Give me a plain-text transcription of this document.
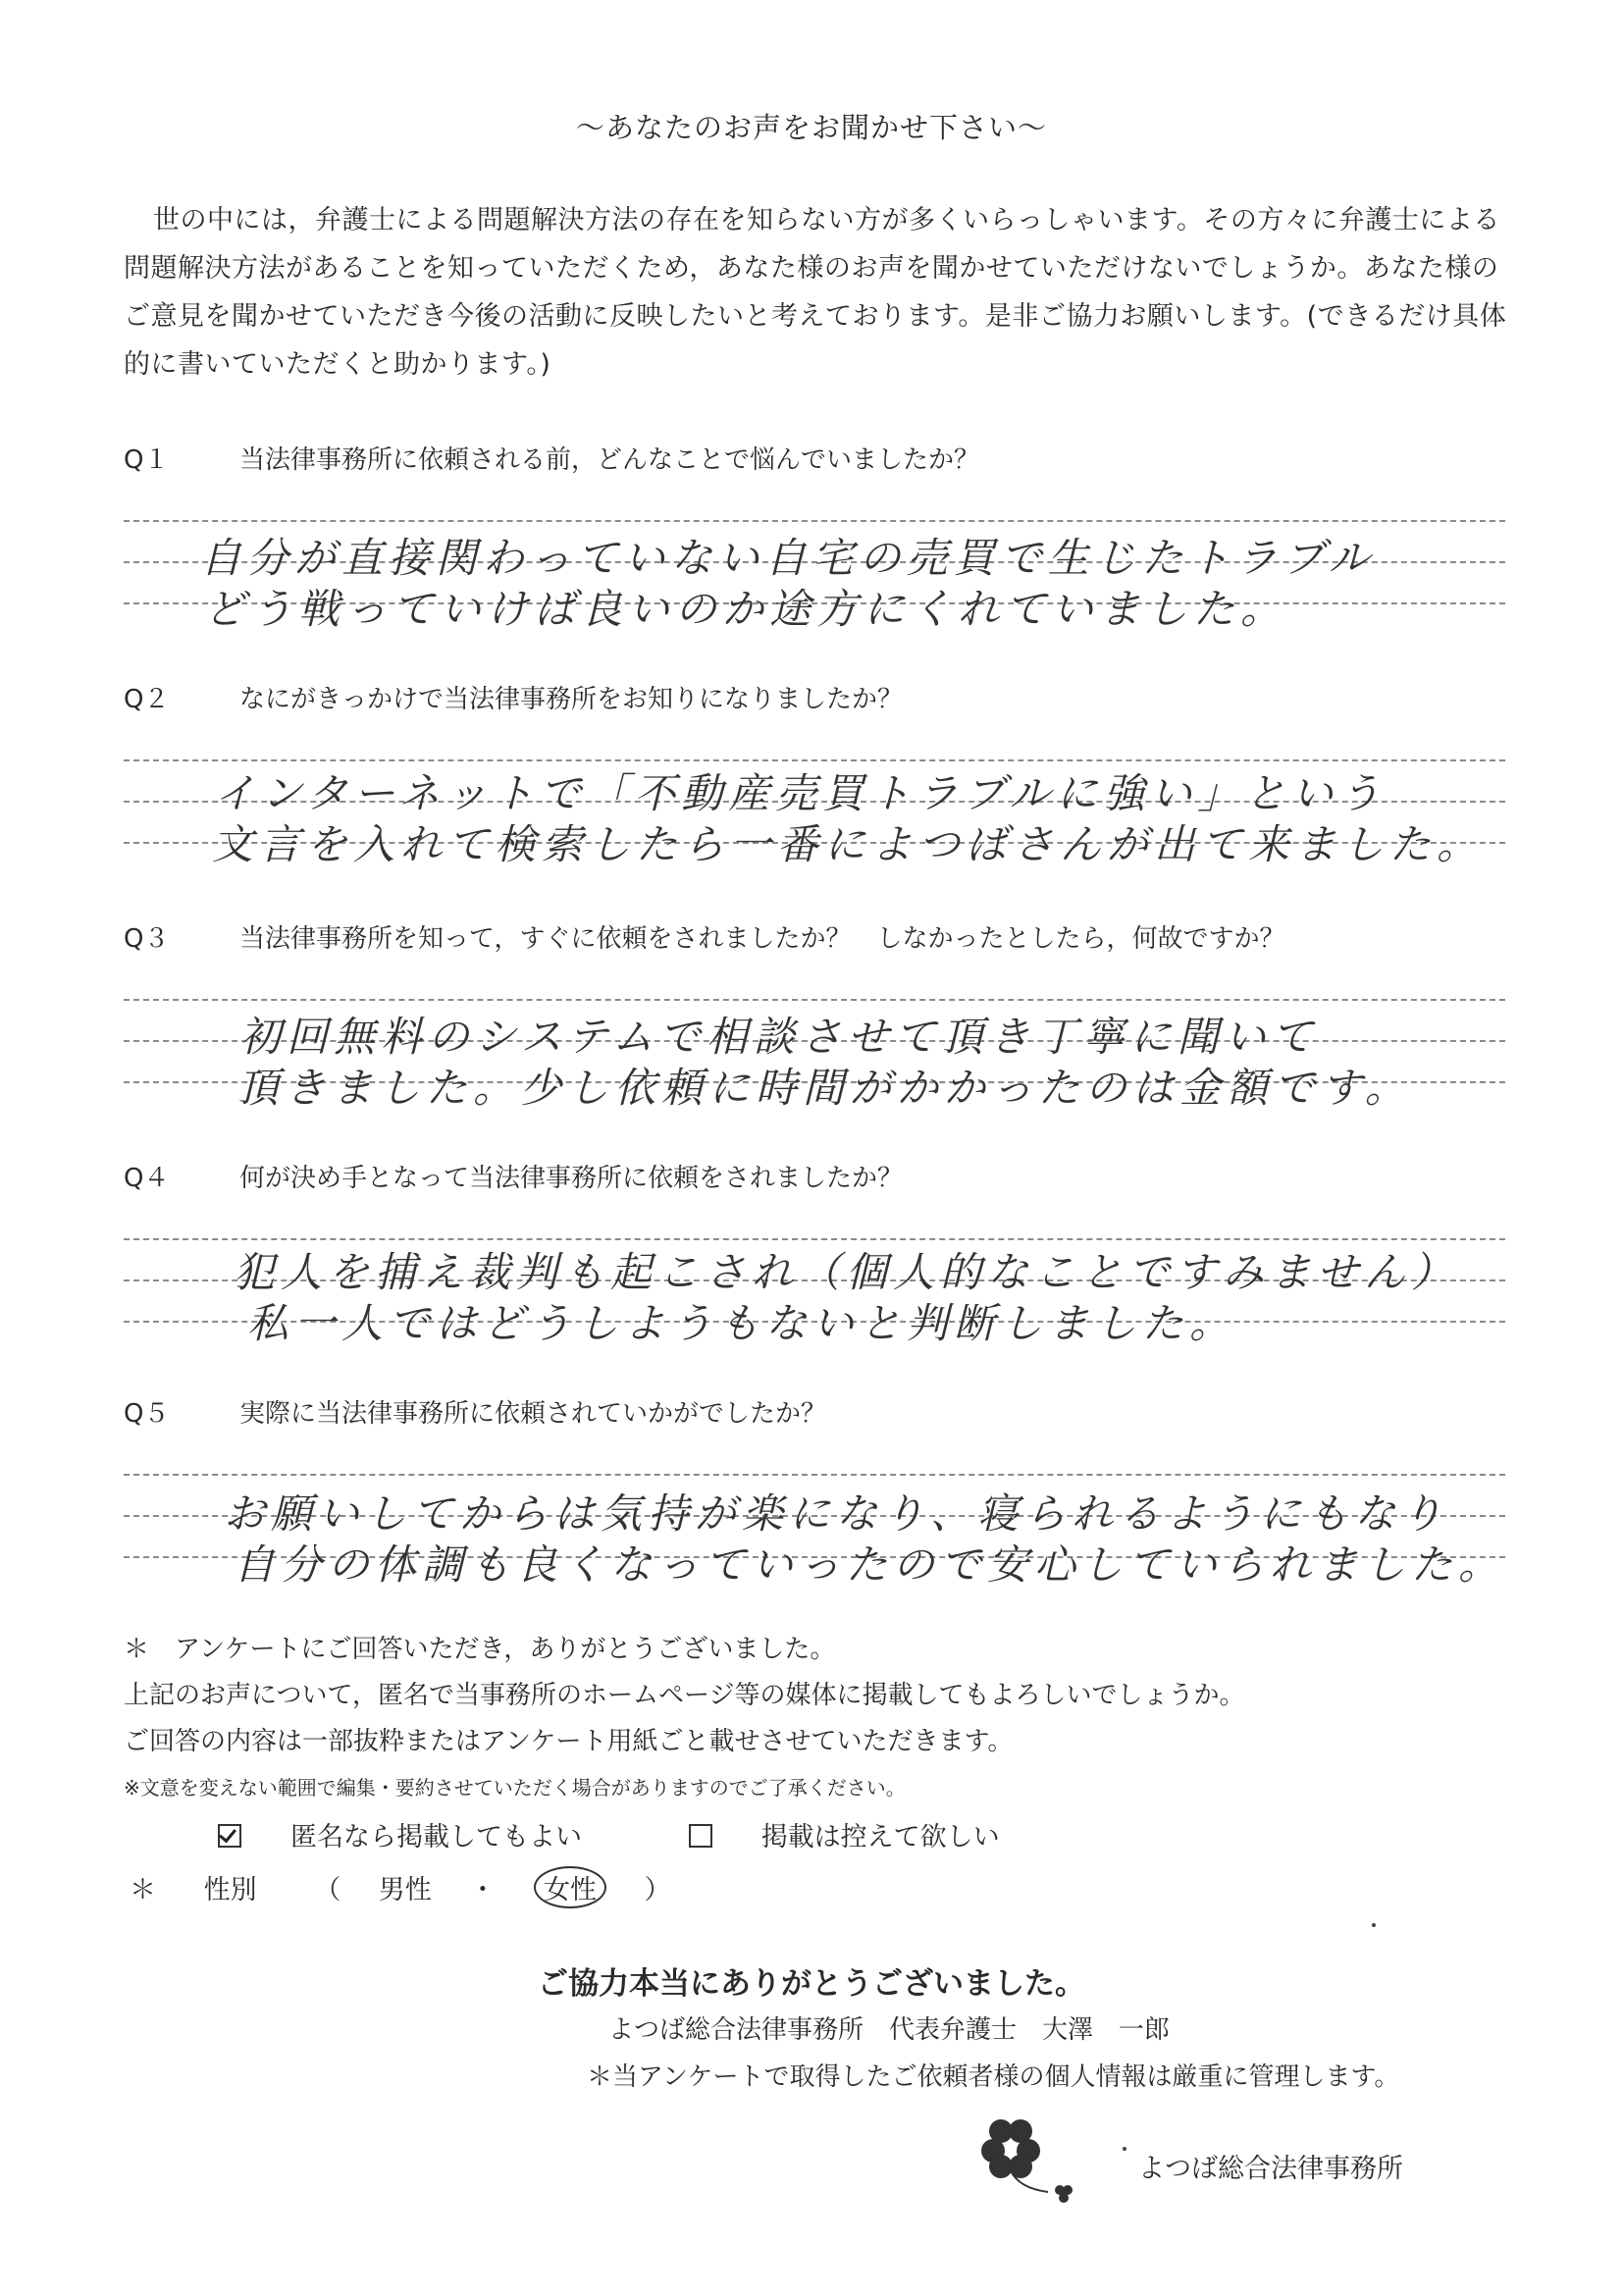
～あなたのお声をお聞かせ下さい～
世の中には，弁護士による問題解決方法の存在を知らない方が多くいらっしゃいます。その方々に弁護士による問題解決方法があることを知っていただくため，あなた様のお声を聞かせていただけないでしょうか。あなた様のご意見を聞かせていただき今後の活動に反映したいと考えております。是非ご協力お願いします。(できるだけ具体的に書いていただくと助かります。)
Q１	当法律事務所に依頼される前，どんなことで悩んでいましたか？
自分が直接関わっていない自宅の売買で生じたトラブル
どう戦っていけば良いのか途方にくれていました。
Q２	なにがきっかけで当法律事務所をお知りになりましたか？
インターネットで「不動産売買トラブルに強い」という
文言を入れて検索したら一番によつばさんが出て来ました。
Q３	当法律事務所を知って，すぐに依頼をされましたか？　しなかったとしたら，何故ですか？
初回無料のシステムで相談させて頂き丁寧に聞いて
頂きました。少し依頼に時間がかかったのは金額です。
Q４	何が決め手となって当法律事務所に依頼をされましたか？
犯人を捕え裁判も起こされ（個人的なことですみません）
私一人ではどうしようもないと判断しました。
Q５	実際に当法律事務所に依頼されていかがでしたか？
お願いしてからは気持が楽になり、寝られるようにもなり
自分の体調も良くなっていったので安心していられました。
＊　アンケートにご回答いただき，ありがとうございました。
上記のお声について，匿名で当事務所のホームページ等の媒体に掲載してもよろしいでしょうか。
ご回答の内容は一部抜粋またはアンケート用紙ごと載せさせていただきます。
※文意を変えない範囲で編集・要約させていただく場合がありますのでご了承ください。
匿名なら掲載してもよい	掲載は控えて欲しい
＊ 性別 （ 男性 ・ 女性 ）
ご協力本当にありがとうございました。
よつば総合法律事務所　代表弁護士　大澤　一郎
＊当アンケートで取得したご依頼者様の個人情報は厳重に管理します。
よつば総合法律事務所
